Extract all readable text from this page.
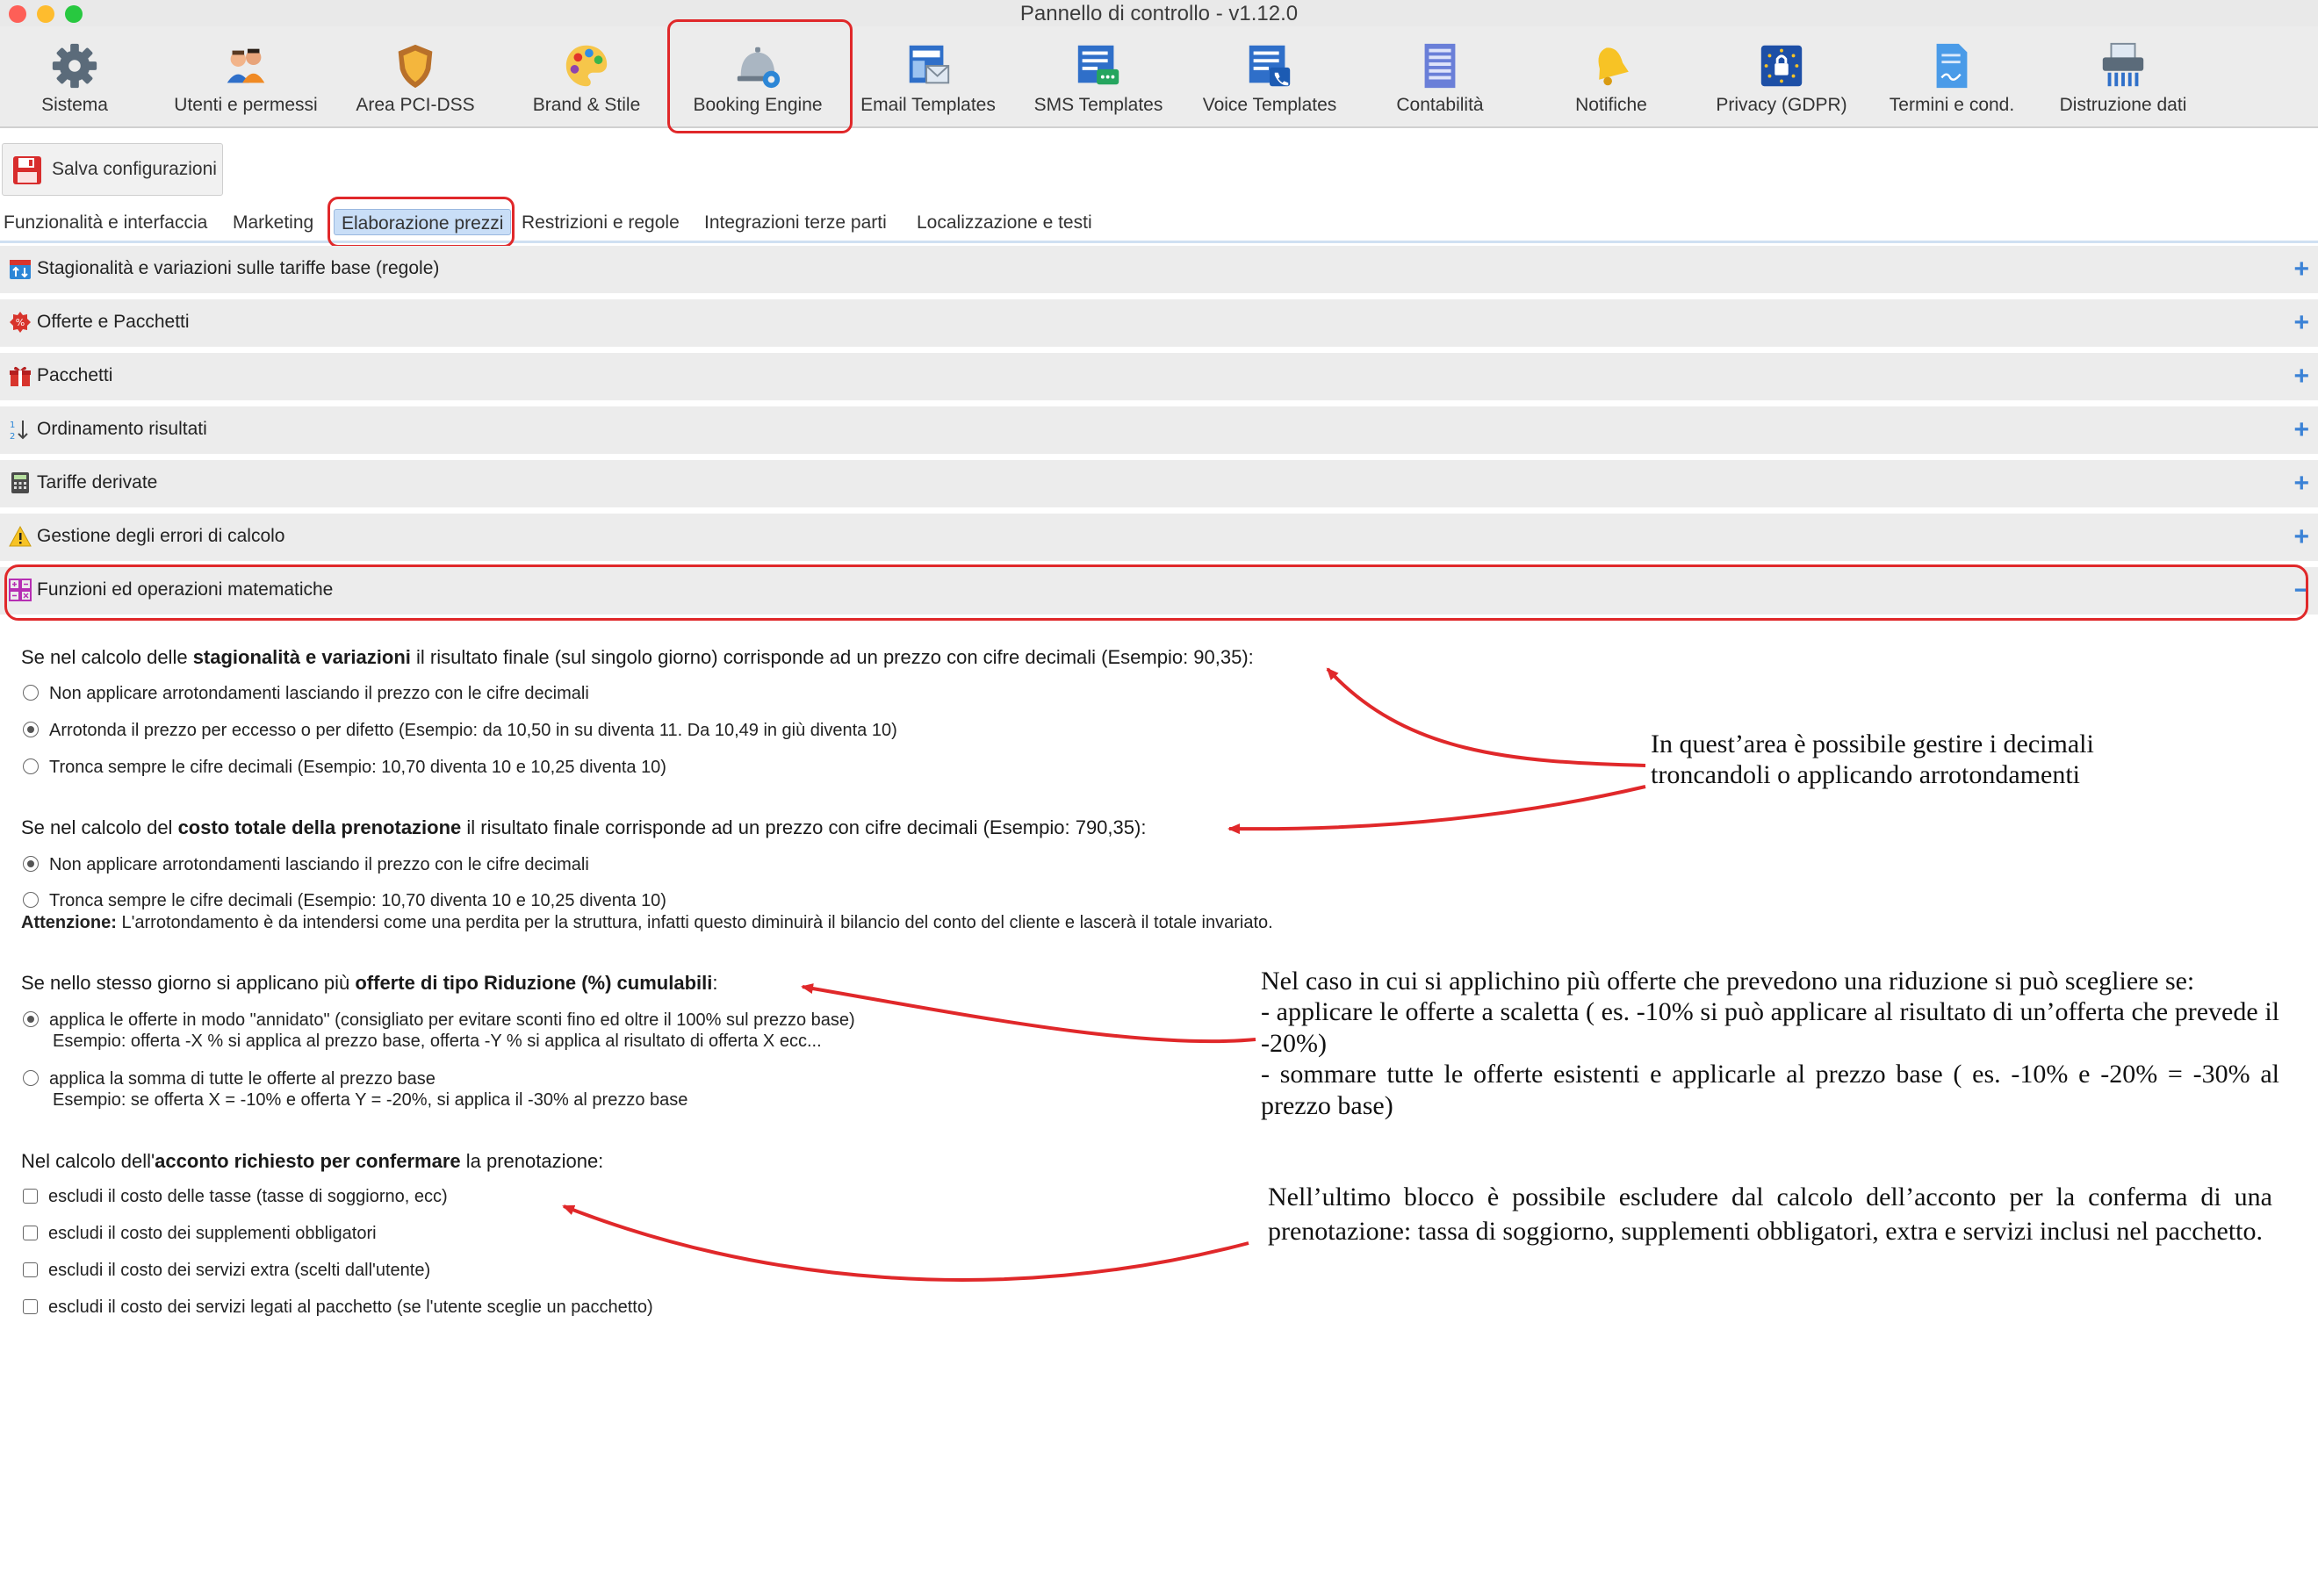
Pannello di controllo - v1.12.0
Sistema	Utenti e permessi	Area PCI-DSS	Brand & Stile	Booking Engine	Email Templates	SMS Templates	Voice Templates	Contabilità	Notifiche	Privacy (GDPR)	Termini e cond.	Distruzione dati
Salva configurazioni
Funzionalità e interfaccia Marketing	Elaborazione prezzi Restrizioni e regole Integrazioni terze parti Localizzazione e testi
Stagionalità e variazioni sulle tariffe base (regole)	+
% Offerte e Pacchetti	+
Pacchetti	+
1
2 Ordinamento risultati	+
Tariffe derivate	+
Gestione degli errori di calcolo	+
Funzioni ed operazioni matematiche	−
Se nel calcolo delle stagionalità e variazioni il risultato finale (sul singolo giorno) corrisponde ad un prezzo con cifre decimali (Esempio: 90,35):
Non applicare arrotondamenti lasciando il prezzo con le cifre decimali
Arrotonda il prezzo per eccesso o per difetto (Esempio: da 10,50 in su diventa 11. Da 10,49 in giù diventa 10)
Tronca sempre le cifre decimali (Esempio: 10,70 diventa 10 e 10,25 diventa 10)
Se nel calcolo del costo totale della prenotazione il risultato finale corrisponde ad un prezzo con cifre decimali (Esempio: 790,35):
Non applicare arrotondamenti lasciando il prezzo con le cifre decimali
Tronca sempre le cifre decimali (Esempio: 10,70 diventa 10 e 10,25 diventa 10)
Attenzione: L'arrotondamento è da intendersi come una perdita per la struttura, infatti questo diminuirà il bilancio del conto del cliente e lascerà il totale invariato.
Se nello stesso giorno si applicano più offerte di tipo Riduzione (%) cumulabili:
applica le offerte in modo "annidato" (consigliato per evitare sconti fino ed oltre il 100% sul prezzo base)
Esempio: offerta -X % si applica al prezzo base, offerta -Y % si applica al risultato di offerta X ecc...
applica la somma di tutte le offerte al prezzo base
Esempio: se offerta X = -10% e offerta Y = -20%, si applica il -30% al prezzo base
Nel calcolo dell'acconto richiesto per confermare la prenotazione:
escludi il costo delle tasse (tasse di soggiorno, ecc)
escludi il costo dei supplementi obbligatori
escludi il costo dei servizi extra (scelti dall'utente)
escludi il costo dei servizi legati al pacchetto (se l'utente sceglie un pacchetto)
In quest’area è possibile gestire i decimali troncandoli o applicando arrotondamenti
Nel caso in cui si applichino più offerte che prevedono una riduzione si può scegliere se:
- applicare le offerte a scaletta ( es. -10% si può applicare al risultato di un’offerta che prevede il -20%)
- sommare tutte le offerte esistenti e applicarle al prezzo base ( es. -10% e -20% = -30% al prezzo base)
Nell’ultimo blocco è possibile escludere dal calcolo dell’acconto per la conferma di una prenotazione: tassa di soggiorno, supplementi obbligatori, extra e servizi inclusi nel pacchetto.
